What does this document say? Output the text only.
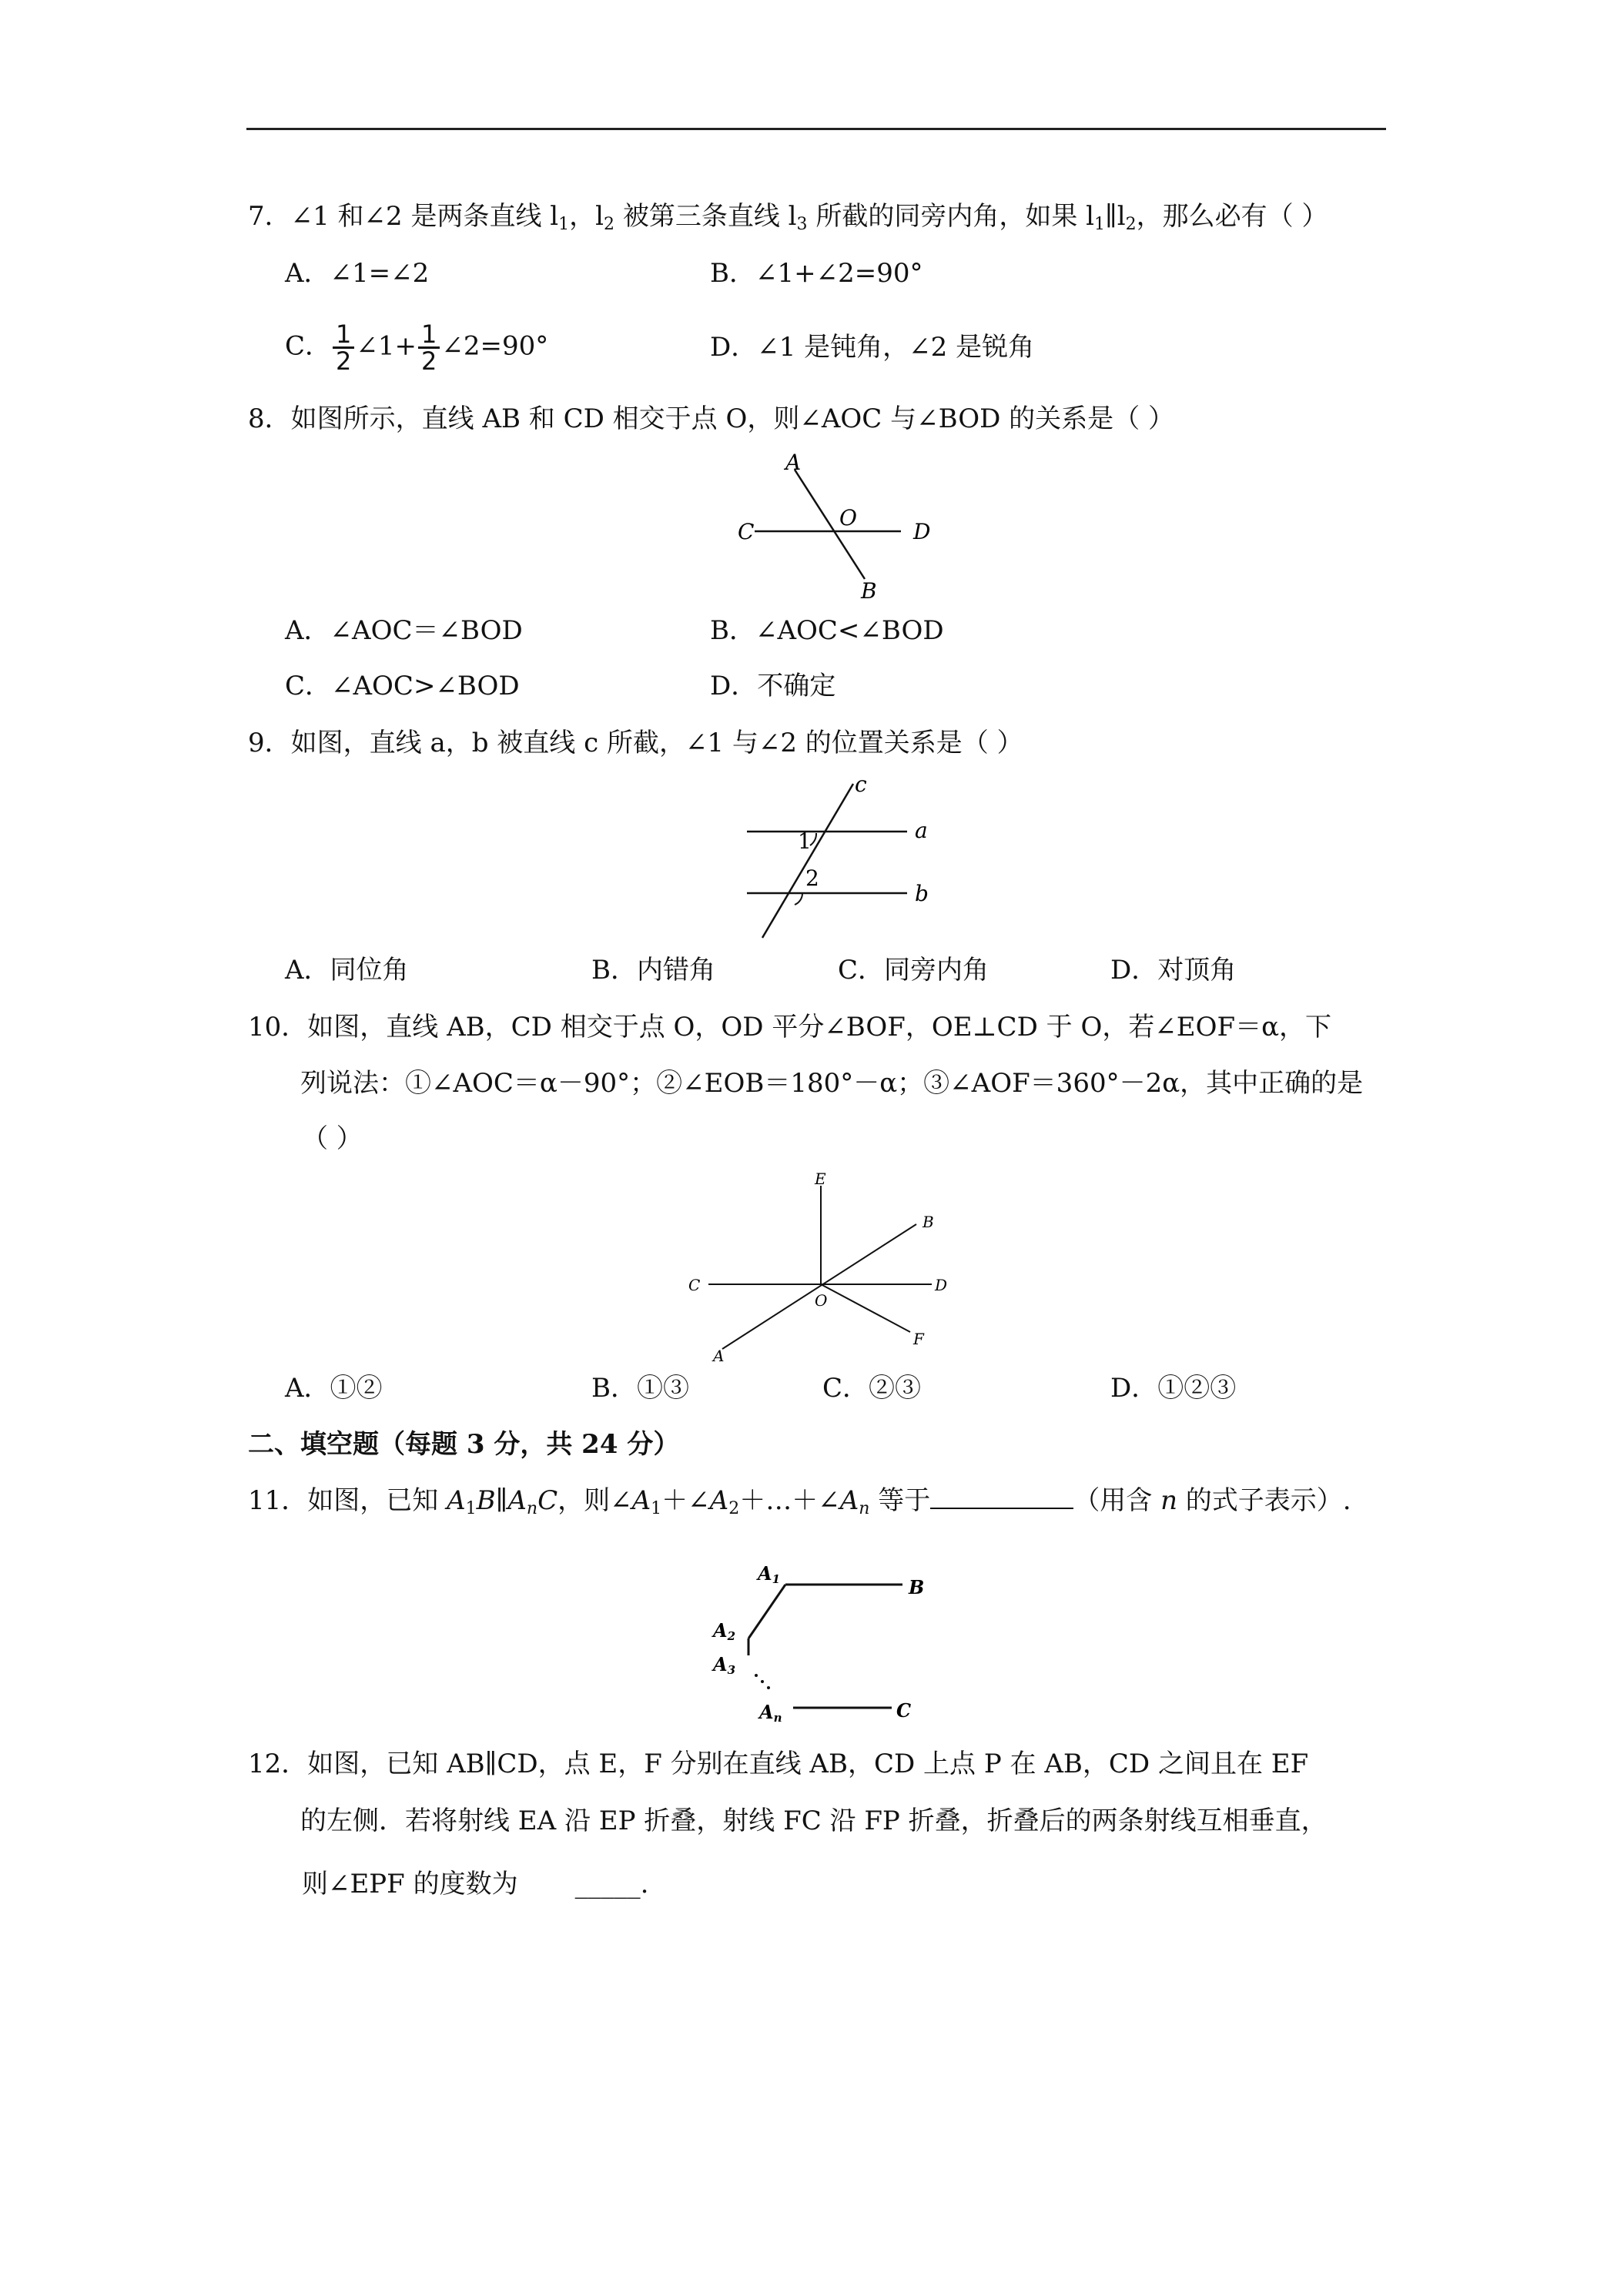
7．∠1 和∠2 是两条直线 $l_1$，$l_2$ 被第三条直线 $l_3$ 所截的同旁内角，如果 $l_1\parallel l_2$，那么必有（ ）
A．∠1=∠2	B．∠1+∠2=90°
C． $\frac{1}{2}$ ∠1+ $\frac{1}{2}$ ∠2=90°	D．∠1 是钝角，∠2 是锐角
8．如图所示，直线 AB 和 CD 相交于点 O，则∠AOC 与∠BOD 的关系是（ ）
A
B
C	D
O
A．∠AOC＝∠BOD	B．∠AOC<∠BOD
C．∠AOC>∠BOD	D．不确定
9．如图，直线 a，b 被直线 c 所截，∠1 与∠2 的位置关系是（ ）
c
a
b
1
2
A．同位角	B．内错角	C．同旁内角	D．对顶角
10．如图，直线 AB，CD 相交于点 O，OD 平分∠BOF，OE⊥CD 于 O，若∠EOF＝α，下
列说法：①∠AOC＝α－90°；②∠EOB＝180°－α；③∠AOF＝360°－2α，其中正确的是
（ ）
E
B
C	D
O
F
A
A．①②	B．①③	C．②③	D．①②③
二、填空题（每题 3 分，共 24 分）
11．如图，已知 $A_1B\parallel A_nC$，则$\angle A_1+\angle A_2+\dots+\angle A_n$ 等于	（用含 n 的式子表示）.
A1	B
A2
A3
An	C
12．如图，已知 AB∥CD，点 E，F 分别在直线 AB，CD 上点 P 在 AB，CD 之间且在 EF
的左侧．若将射线 EA 沿 EP 折叠，射线 FC 沿 FP 折叠，折叠后的两条射线互相垂直，
则∠EPF 的度数为 _____.
